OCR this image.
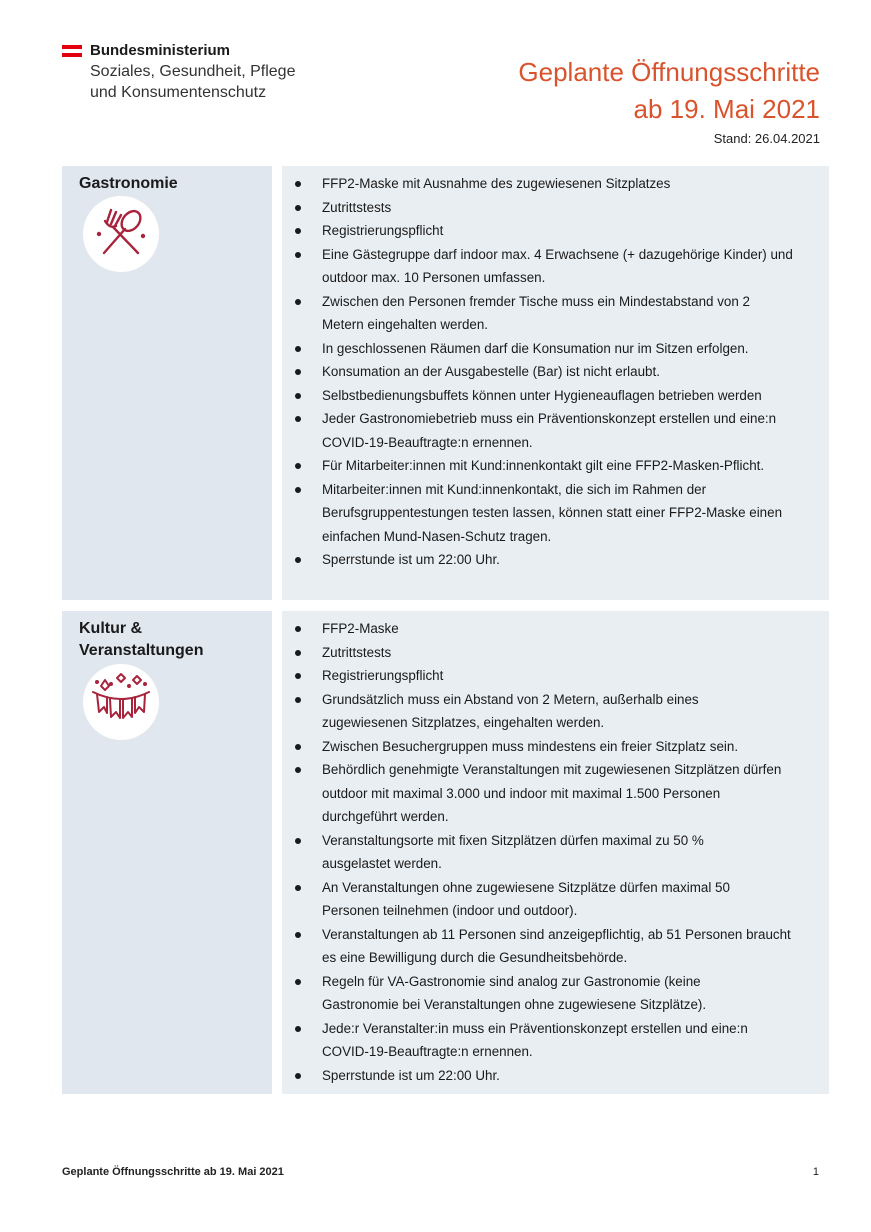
Bundesministerium
Soziales, Gesundheit, Pflege
und Konsumentenschutz
Geplante Öffnungsschritte
ab 19. Mai 2021
Stand: 26.04.2021
Gastronomie	FFP2-Maske mit Ausnahme des zugewiesenen Sitzplatzes
Zutrittstests
Registrierungspflicht
Eine Gästegruppe darf indoor max. 4 Erwachsene (+ dazugehörige Kinder) und outdoor max. 10 Personen umfassen.
Zwischen den Personen fremder Tische muss ein Mindestabstand von 2 Metern eingehalten werden.
In geschlossenen Räumen darf die Konsumation nur im Sitzen erfolgen.
Konsumation an der Ausgabestelle (Bar) ist nicht erlaubt.
Selbstbedienungsbuffets können unter Hygieneauflagen betrieben werden
Jeder Gastronomiebetrieb muss ein Präventionskonzept erstellen und eine:n COVID-19-Beauftragte:n ernennen.
Für Mitarbeiter:innen mit Kund:innenkontakt gilt eine FFP2-Masken-Pflicht.
Mitarbeiter:innen mit Kund:innenkontakt, die sich im Rahmen der Berufsgruppentestungen testen lassen, können statt einer FFP2-Maske einen einfachen Mund-Nasen-Schutz tragen.
Sperrstunde ist um 22:00 Uhr.
Kultur &
Veranstaltungen
FFP2-Maske
Zutrittstests
Registrierungspflicht
Grundsätzlich muss ein Abstand von 2 Metern, außerhalb eines zugewiesenen Sitzplatzes, eingehalten werden.
Zwischen Besuchergruppen muss mindestens ein freier Sitzplatz sein.
Behördlich genehmigte Veranstaltungen mit zugewiesenen Sitzplätzen dürfen outdoor mit maximal 3.000 und indoor mit maximal 1.500 Personen durchgeführt werden.
Veranstaltungsorte mit fixen Sitzplätzen dürfen maximal zu 50 % ausgelastet werden.
An Veranstaltungen ohne zugewiesene Sitzplätze dürfen maximal 50 Personen teilnehmen (indoor und outdoor).
Veranstaltungen ab 11 Personen sind anzeigepflichtig, ab 51 Personen braucht es eine Bewilligung durch die Gesundheitsbehörde.
Regeln für VA-Gastronomie sind analog zur Gastronomie (keine Gastronomie bei Veranstaltungen ohne zugewiesene Sitzplätze).
Jede:r Veranstalter:in muss ein Präventionskonzept erstellen und eine:n COVID-19-Beauftragte:n ernennen.
Sperrstunde ist um 22:00 Uhr.
Geplante Öffnungsschritte ab 19. Mai 2021	1
